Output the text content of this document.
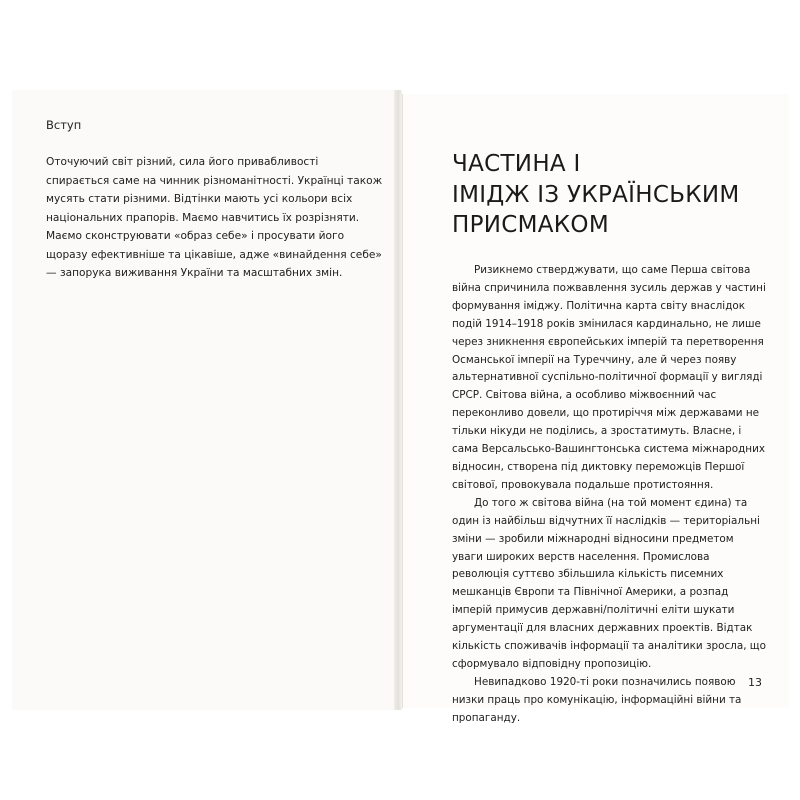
Вступ

Оточуючий світ різний, сила його привабливості спирається саме на чинник різноманітності. Українці також мусять стати різними. Відтінки мають усі кольори всіх національних прапорів. Маємо навчитись їх розрізняти. Маємо сконструювати «образ себе» і просувати його щоразу ефективніше та цікавіше, адже «винайдення себе» — запорука виживання України та масштабних змін.

ЧАСТИНА І
ІМІДЖ ІЗ УКРАЇНСЬКИМ ПРИСМАКОМ

Ризикнемо стверджувати, що саме Перша світова війна спричинила пожвавлення зусиль держав у частині формування іміджу. Політична карта світу внаслідок подій 1914–1918 років змінилася кардинально, не лише через зникнення європейських імперій та перетворення Османської імперії на Туреччину, але й через появу альтернативної суспільно-політичної формації у вигляді СРСР. Світова війна, а особливо міжвоєнний час переконливо довели, що протиріччя між державами не тільки нікуди не поділись, а зростатимуть. Власне, і сама Версальсько-Вашингтонська система міжнародних відносин, створена під диктовку переможців Першої світової, провокувала подальше протистояння.

До того ж світова війна (на той момент єдина) та один із найбільш відчутних її наслідків — територіальні зміни — зробили міжнародні відносини предметом уваги широких верств населення. Промислова революція суттєво збільшила кількість писемних мешканців Європи та Північної Америки, а розпад імперій примусив державні/політичні еліти шукати аргументації для власних державних проектів. Відтак кількість споживачів інформації та аналітики зросла, що сформувало відповідну пропозицію.

Невипадково 1920-ті роки позначились появою низки праць про комунікацію, інформаційні війни та пропаганду.

13
